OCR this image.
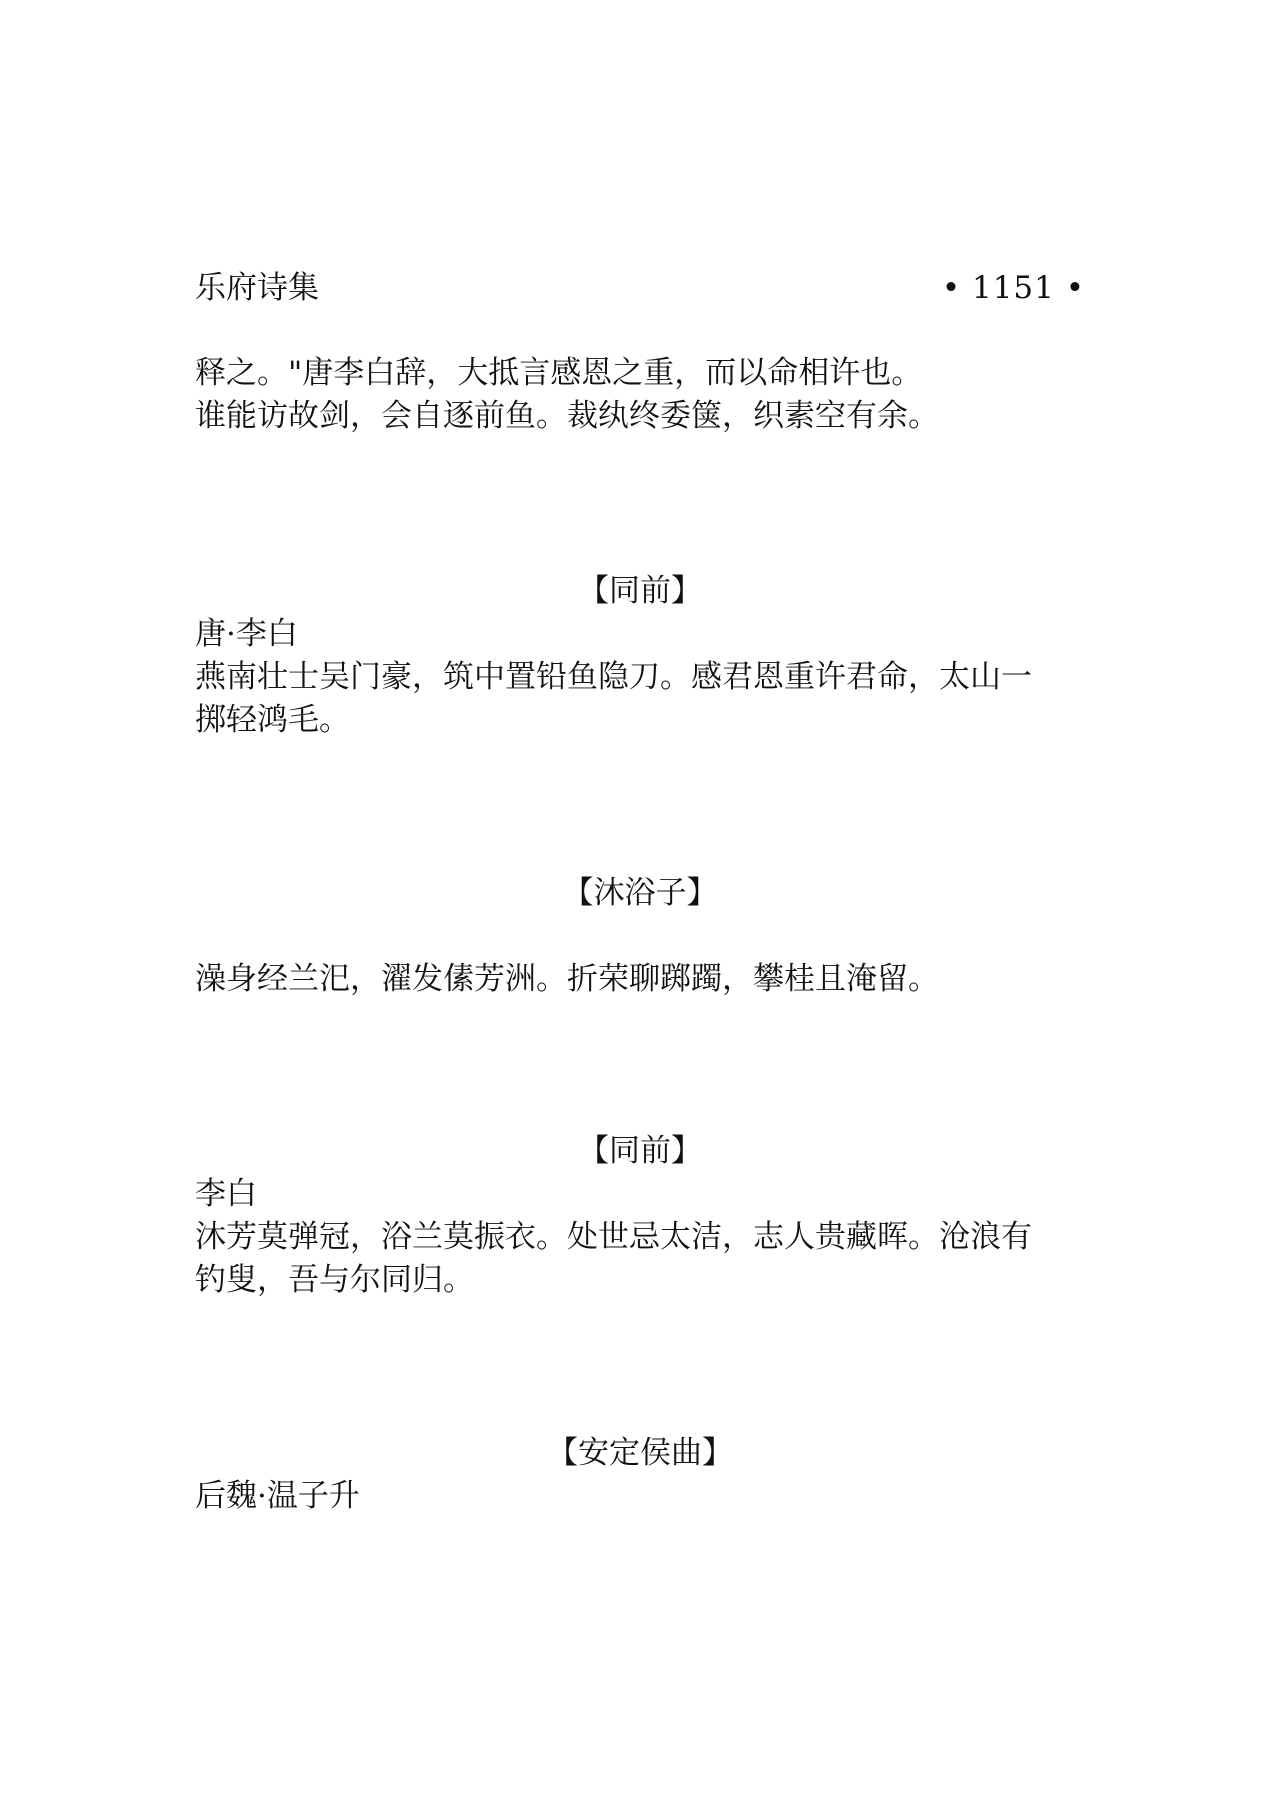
乐府诗集	• 1151 •
释之。"唐李白辞，大抵言感恩之重，而以命相许也。
谁能访故剑，会自逐前鱼。裁纨终委箧，织素空有余。
【同前】
唐·李白
燕南壮士吴门豪，筑中置铅鱼隐刀。感君恩重许君命，太山一
掷轻鸿毛。
【沐浴子】
澡身经兰汜，濯发傃芳洲。折荣聊踯躅，攀桂且淹留。
【同前】
李白
沐芳莫弹冠，浴兰莫振衣。处世忌太洁，志人贵藏晖。沧浪有
钓叟，吾与尔同归。
【安定侯曲】
后魏·温子升
